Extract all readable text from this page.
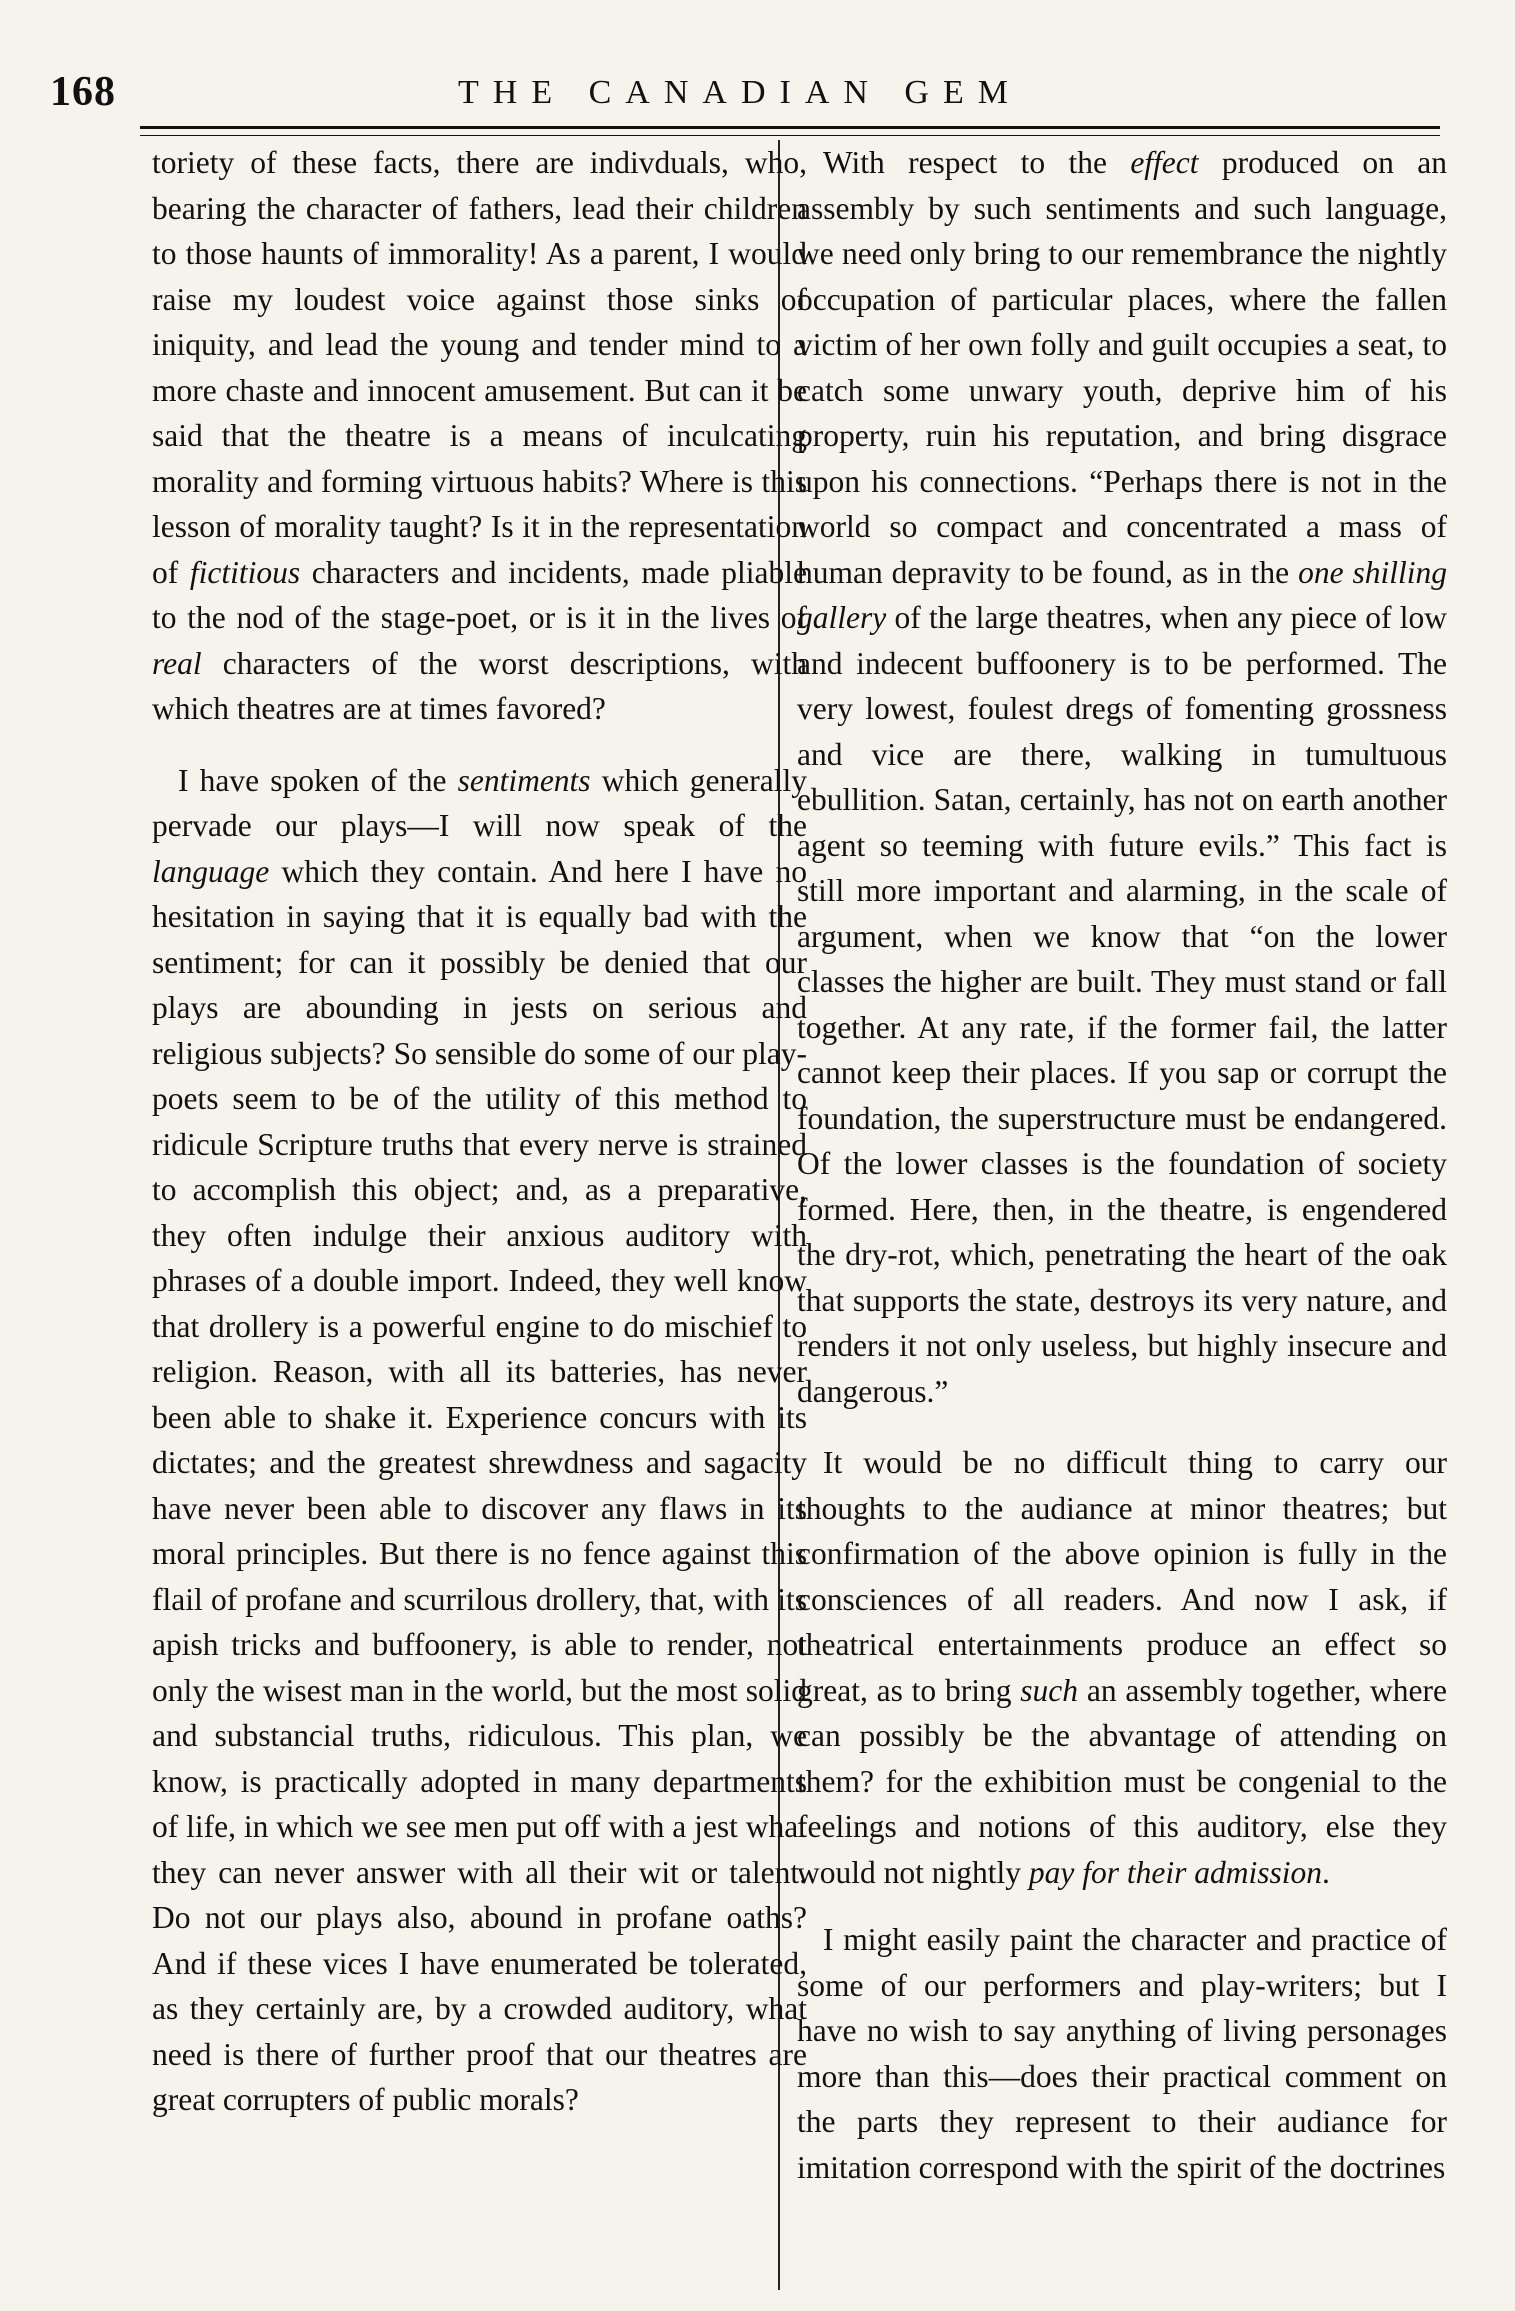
168	THE CANADIAN GEM

toriety of these facts, there are indivduals, who, bearing the character of fathers, lead their children to those haunts of immorality! As a parent, I would raise my loudest voice against those sinks of iniquity, and lead the young and tender mind to a more chaste and innocent amusement. But can it be said that the theatre is a means of inculcating morality and forming virtuous habits? Where is this lesson of morality taught? Is it in the representation of fictitious characters and incidents, made pliable to the nod of the stage-poet, or is it in the lives of real characters of the worst descriptions, with which theatres are at times favored?

I have spoken of the sentiments which generally pervade our plays—I will now speak of the language which they contain. And here I have no hesitation in saying that it is equally bad with the sentiment; for can it possibly be denied that our plays are abounding in jests on serious and religious subjects? So sensible do some of our play-poets seem to be of the utility of this method to ridicule Scripture truths that every nerve is strained to accomplish this object; and, as a preparative, they often indulge their anxious auditory with phrases of a double import. Indeed, they well know that drollery is a powerful engine to do mischief to religion. Reason, with all its batteries, has never been able to shake it. Experience concurs with its dictates; and the greatest shrewdness and sagacity have never been able to discover any flaws in its moral principles. But there is no fence against this flail of profane and scurrilous drollery, that, with its apish tricks and buffoonery, is able to render, not only the wisest man in the world, but the most solid and substancial truths, ridiculous. This plan, we know, is practically adopted in many departments of life, in which we see men put off with a jest what they can never answer with all their wit or talent. Do not our plays also, abound in profane oaths? And if these vices I have enumerated be tolerated, as they certainly are, by a crowded auditory, what need is there of further proof that our theatres are great corrupters of public morals?

With respect to the effect produced on an assembly by such sentiments and such language, we need only bring to our remembrance the nightly occupation of particular places, where the fallen victim of her own folly and guilt occupies a seat, to catch some unwary youth, deprive him of his property, ruin his reputation, and bring disgrace upon his connections. “Perhaps there is not in the world so compact and concentrated a mass of human depravity to be found, as in the one shilling gallery of the large theatres, when any piece of low and indecent buffoonery is to be performed. The very lowest, foulest dregs of fomenting grossness and vice are there, walking in tumultuous ebullition. Satan, certainly, has not on earth another agent so teeming with future evils.” This fact is still more important and alarming, in the scale of argument, when we know that “on the lower classes the higher are built. They must stand or fall together. At any rate, if the former fail, the latter cannot keep their places. If you sap or corrupt the foundation, the superstructure must be endangered. Of the lower classes is the foundation of society formed. Here, then, in the theatre, is engendered the dry-rot, which, penetrating the heart of the oak that supports the state, destroys its very nature, and renders it not only useless, but highly insecure and dangerous.”

It would be no difficult thing to carry our thoughts to the audiance at minor theatres; but confirmation of the above opinion is fully in the consciences of all readers. And now I ask, if theatrical entertainments produce an effect so great, as to bring such an assembly together, where can possibly be the abvantage of attending on them? for the exhibition must be congenial to the feelings and notions of this auditory, else they would not nightly pay for their admission.

I might easily paint the character and practice of some of our performers and play-writers; but I have no wish to say anything of living personages more than this—does their practical comment on the parts they represent to their audiance for imitation correspond with the spirit of the doctrines
